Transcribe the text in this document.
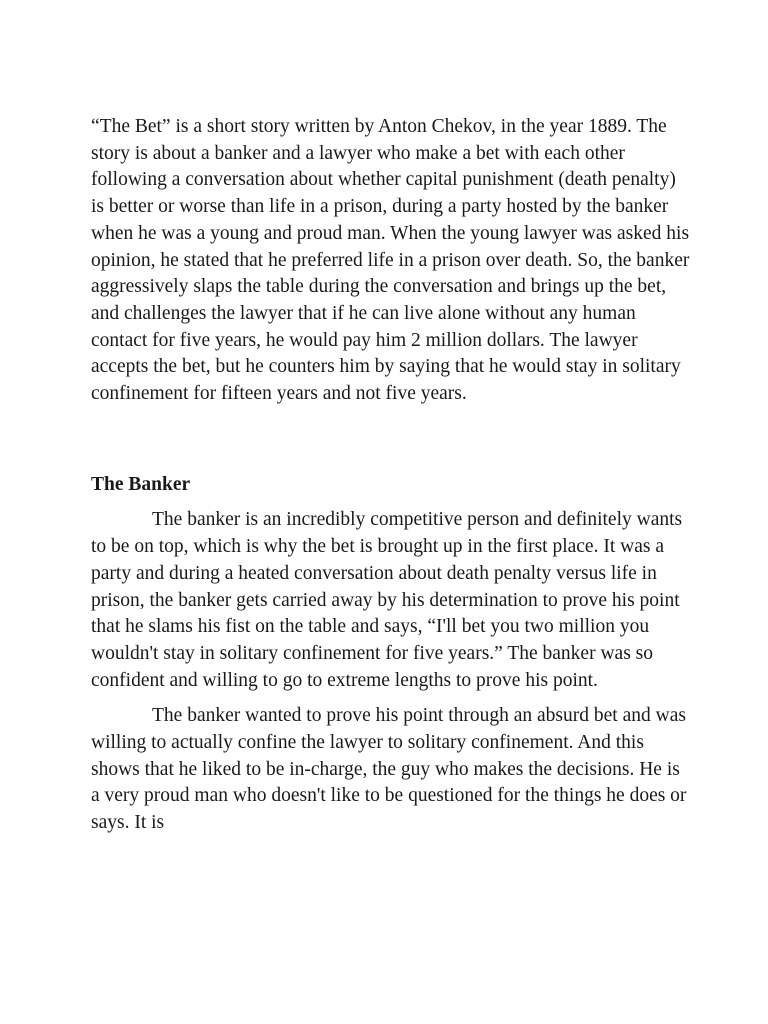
“The Bet” is a short story written by Anton Chekov, in the year 1889. The story is about a banker and a lawyer who make a bet with each other following a conversation about whether capital punishment (death penalty) is better or worse than life in a prison, during a party hosted by the banker when he was a young and proud man. When the young lawyer was asked his opinion, he stated that he preferred life in a prison over death. So, the banker aggressively slaps the table during the conversation and brings up the bet, and challenges the lawyer that if he can live alone without any human contact for five years, he would pay him 2 million dollars. The lawyer accepts the bet, but he counters him by saying that he would stay in solitary confinement for fifteen years and not five years.

The Banker

The banker is an incredibly competitive person and definitely wants to be on top, which is why the bet is brought up in the first place. It was a party and during a heated conversation about death penalty versus life in prison, the banker gets carried away by his determination to prove his point that he slams his fist on the table and says, “I'll bet you two million you wouldn't stay in solitary confinement for five years.” The banker was so confident and willing to go to extreme lengths to prove his point.

The banker wanted to prove his point through an absurd bet and was willing to actually confine the lawyer to solitary confinement. And this shows that he liked to be in-charge, the guy who makes the decisions. He is a very proud man who doesn't like to be questioned for the things he does or says. It is
